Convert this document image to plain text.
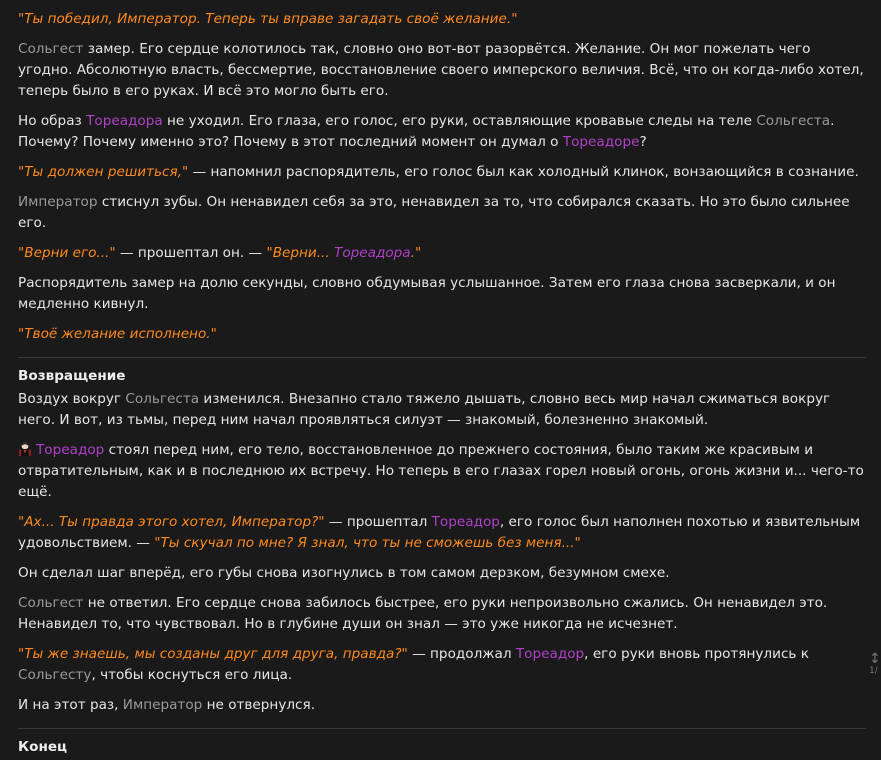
"Ты победил, Император. Теперь ты вправе загадать своё желание."

Сольгест замер. Его сердце колотилось так, словно оно вот-вот разорвётся. Желание. Он мог пожелать чего угодно. Абсолютную власть, бессмертие, восстановление своего имперского величия. Всё, что он когда-либо хотел, теперь было в его руках. И всё это могло быть его.

Но образ Тореадора не уходил. Его глаза, его голос, его руки, оставляющие кровавые следы на теле Сольгеста. Почему? Почему именно это? Почему в этот последний момент он думал о Тореадоре?

"Ты должен решиться," — напомнил распорядитель, его голос был как холодный клинок, вонзающийся в сознание.

Император стиснул зубы. Он ненавидел себя за это, ненавидел за то, что собирался сказать. Но это было сильнее его.

"Верни его..." — прошептал он. — "Верни... Тореадора."

Распорядитель замер на долю секунды, словно обдумывая услышанное. Затем его глаза снова засверкали, и он медленно кивнул.

"Твоё желание исполнено."

Возвращение

Воздух вокруг Сольгеста изменился. Внезапно стало тяжело дышать, словно весь мир начал сжиматься вокруг него. И вот, из тьмы, перед ним начал проявляться силуэт — знакомый, болезненно знакомый.

Тореадор стоял перед ним, его тело, восстановленное до прежнего состояния, было таким же красивым и отвратительным, как и в последнюю их встречу. Но теперь в его глазах горел новый огонь, огонь жизни и... чего-то ещё.

"Ах... Ты правда этого хотел, Император?" — прошептал Тореадор, его голос был наполнен похотью и язвительным удовольствием. — "Ты скучал по мне? Я знал, что ты не сможешь без меня..."

Он сделал шаг вперёд, его губы снова изогнулись в том самом дерзком, безумном смехе.

Сольгест не ответил. Его сердце снова забилось быстрее, его руки непроизвольно сжались. Он ненавидел это. Ненавидел то, что чувствовал. Но в глубине души он знал — это уже никогда не исчезнет.

"Ты же знаешь, мы созданы друг для друга, правда?" — продолжал Тореадор, его руки вновь протянулись к Сольгесту, чтобы коснуться его лица.

И на этот раз, Император не отвернулся.

Конец
↕
1/
